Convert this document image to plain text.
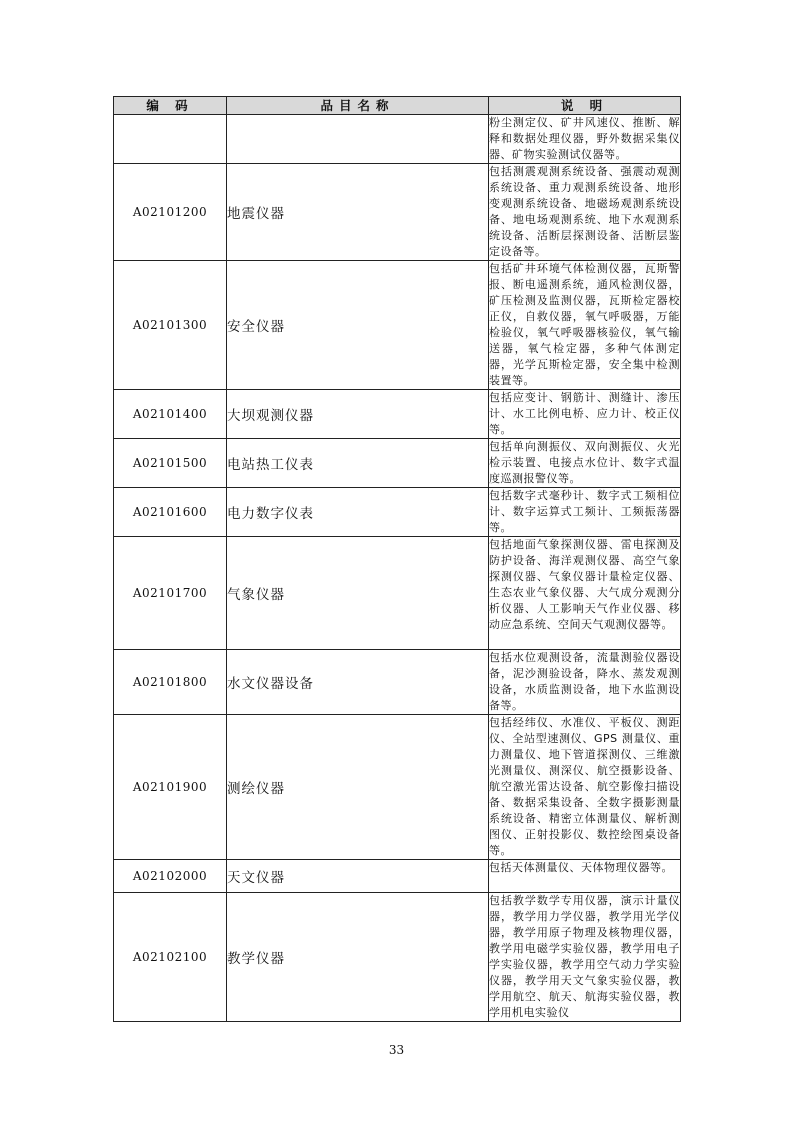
编 码	品目名称	说 明
		粉尘测定仪、矿井风速仪、推断、解释和数据处理仪器，野外数据采集仪器、矿物实验测试仪器等。
A02101200	地震仪器	包括测震观测系统设备、强震动观测系统设备、重力观测系统设备、地形变观测系统设备、地磁场观测系统设备、地电场观测系统、地下水观测系统设备、活断层探测设备、活断层鉴定设备等。
A02101300	安全仪器	包括矿井环境气体检测仪器，瓦斯警报、断电遥测系统，通风检测仪器，矿压检测及监测仪器，瓦斯检定器校正仪，自救仪器，氧气呼吸器，万能检验仪，氧气呼吸器核验仪，氧气输送器，氧气检定器，多种气体测定器，光学瓦斯检定器，安全集中检测装置等。
A02101400	大坝观测仪器	包括应变计、钢筋计、测缝计、渗压计、水工比例电桥、应力计、校正仪等。
A02101500	电站热工仪表	包括单向测振仪、双向测振仪、火光检示装置、电接点水位计、数字式温度巡测报警仪等。
A02101600	电力数字仪表	包括数字式毫秒计、数字式工频相位计、数字运算式工频计、工频振荡器等。
A02101700	气象仪器	包括地面气象探测仪器、雷电探测及防护设备、海洋观测仪器、高空气象探测仪器、气象仪器计量检定仪器、生态农业气象仪器、大气成分观测分析仪器、人工影响天气作业仪器、移动应急系统、空间天气观测仪器等。
A02101800	水文仪器设备	包括水位观测设备，流量测验仪器设备，泥沙测验设备，降水、蒸发观测设备，水质监测设备，地下水监测设备等。
A02101900	测绘仪器	包括经纬仪、水准仪、平板仪、测距仪、全站型速测仪、GPS 测量仪、重力测量仪、地下管道探测仪、三维激光测量仪、测深仪、航空摄影设备、航空激光雷达设备、航空影像扫描设备、数据采集设备、全数字摄影测量系统设备、精密立体测量仪、解析测图仪、正射投影仪、数控绘图桌设备等。
A02102000	天文仪器	包括天体测量仪、天体物理仪器等。
A02102100	教学仪器	包括教学数学专用仪器，演示计量仪器，教学用力学仪器，教学用光学仪器，教学用原子物理及核物理仪器，教学用电磁学实验仪器，教学用电子学实验仪器，教学用空气动力学实验仪器，教学用天文气象实验仪器，教学用航空、航天、航海实验仪器，教学用机电实验仪
33
